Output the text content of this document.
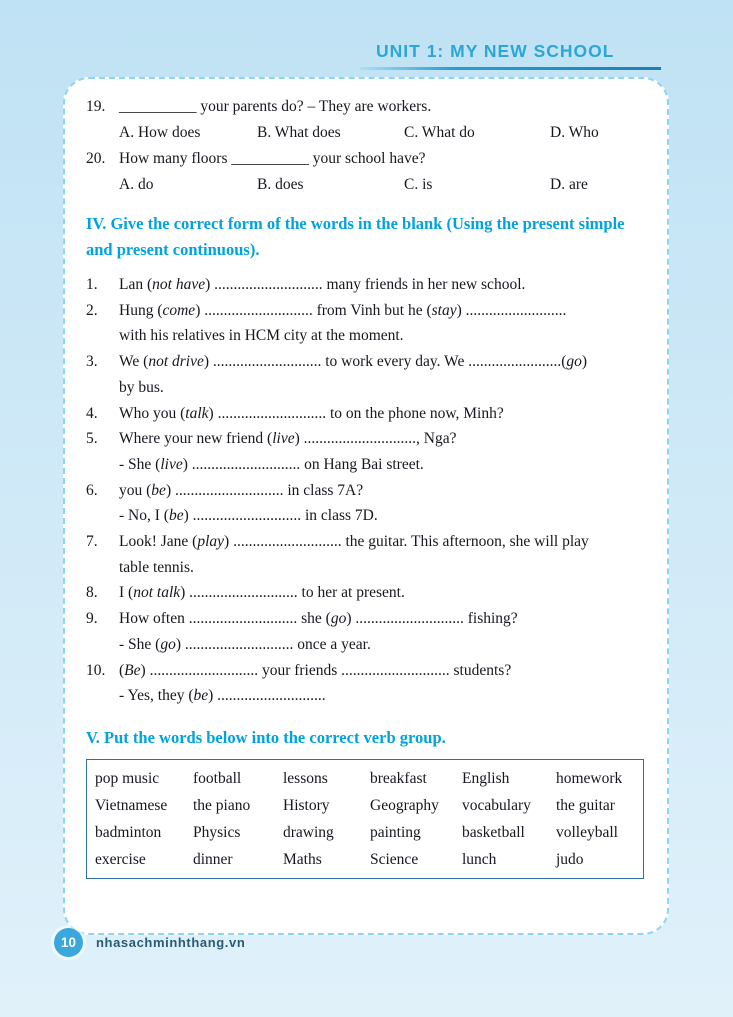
UNIT 1: MY NEW SCHOOL
19. __________ your parents do? – They are workers.
A. How does	B. What does	C. What do	D. Who
20. How many floors __________ your school have?
A. do	B. does	C. is	D. are
IV. Give the correct form of the words in the blank (Using the present simple and present continuous).
1.	Lan (not have) ............................ many friends in her new school.
2.	Hung (come) ............................ from Vinh but he (stay) ..........................
with his relatives in HCM city at the moment.
3.	We (not drive) ............................ to work every day. We ........................(go)
by bus.
4.	Who you (talk) ............................ to on the phone now, Minh?
5.	Where your new friend (live) ............................., Nga?
- She (live) ............................ on Hang Bai street.
6.	you (be) ............................ in class 7A?
- No, I (be) ............................ in class 7D.
7.	Look! Jane (play) ............................ the guitar. This afternoon, she will play
table tennis.
8.	I (not talk) ............................ to her at present.
9.	How often ............................ she (go) ............................ fishing?
- She (go) ............................ once a year.
10. (Be) ............................ your friends ............................ students?
- Yes, they (be) ............................
V. Put the words below into the correct verb group.
pop music	football	lessons	breakfast	English	homework
Vietnamese	the piano	History	Geography	vocabulary	the guitar
badminton	Physics	drawing	painting	basketball	volleyball
exercise	dinner	Maths	Science	lunch	judo
10	nhasachminhthang.vn
